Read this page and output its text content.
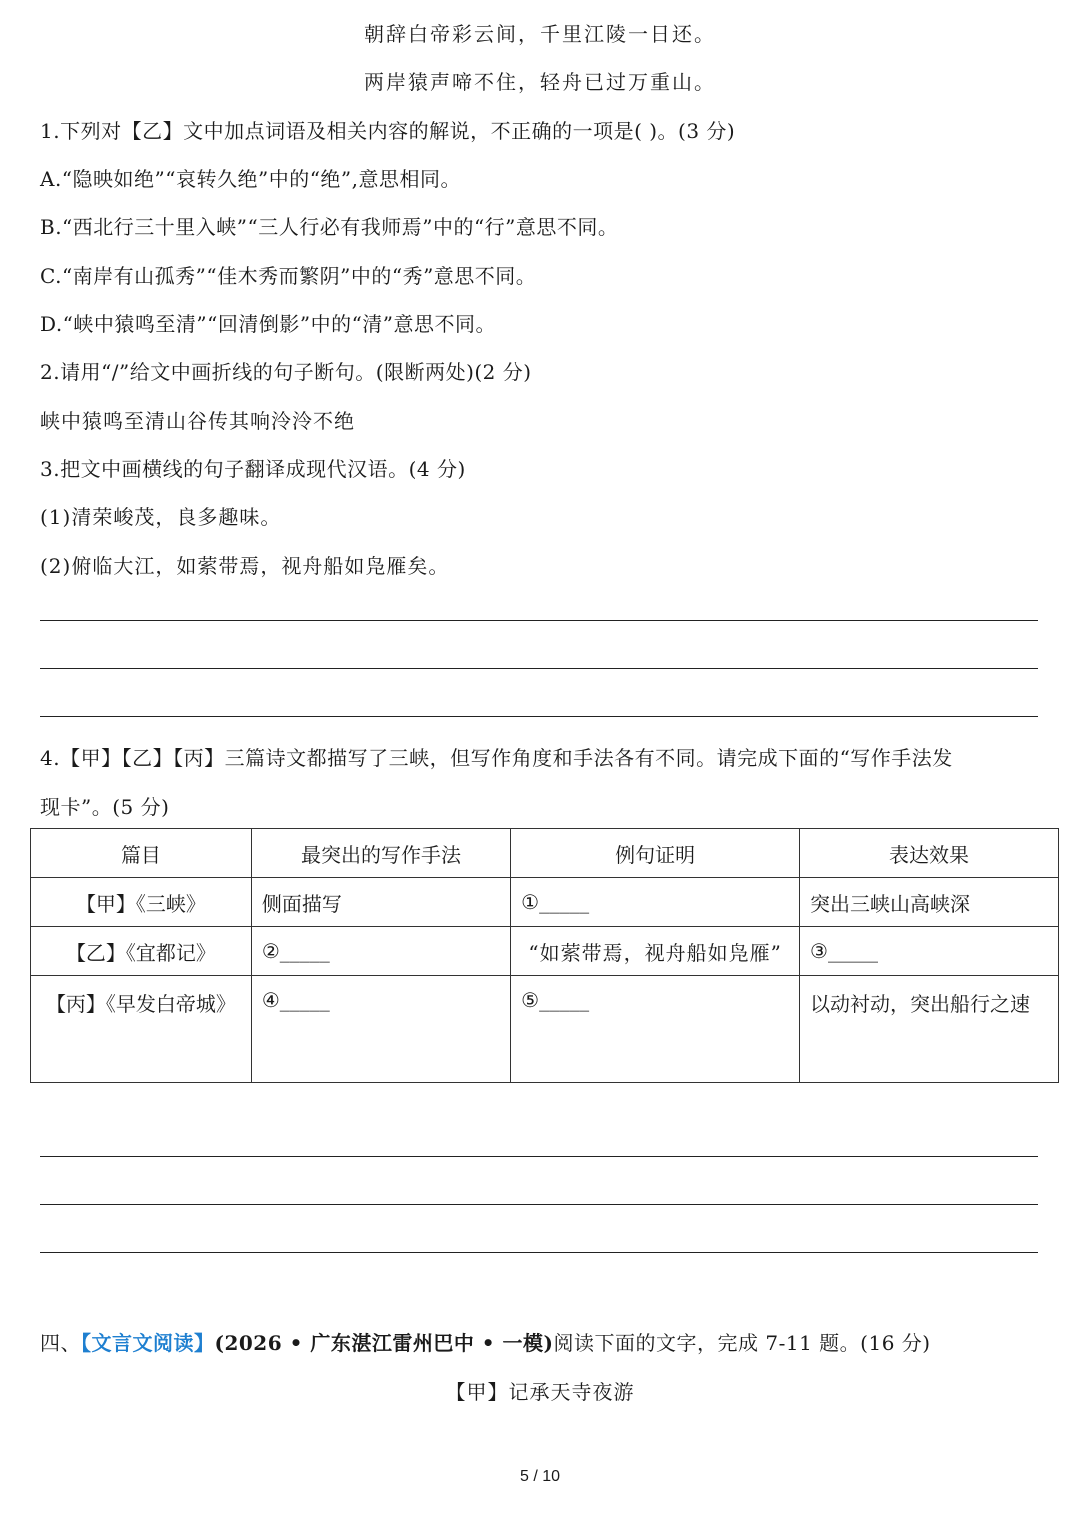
朝辞白帝彩云间，千里江陵一日还。
两岸猿声啼不住，轻舟已过万重山。
1.下列对【乙】文中加点词语及相关内容的解说，不正确的一项是( )。(3 分)
A.“隐映如绝”“哀转久绝”中的“绝”,意思相同。
B.“西北行三十里入峡”“三人行必有我师焉”中的“行”意思不同。
C.“南岸有山孤秀”“佳木秀而繁阴”中的“秀”意思不同。
D.“峡中猿鸣至清”“回清倒影”中的“清”意思不同。
2.请用“/”给文中画折线的句子断句。(限断两处)(2 分)
峡中猿鸣至清山谷传其响泠泠不绝
3.把文中画横线的句子翻译成现代汉语。(4 分)
(1)清荣峻茂，良多趣味。
(2)俯临大江，如萦带焉，视舟船如凫雁矣。
4.【甲】【乙】【丙】三篇诗文都描写了三峡，但写作角度和手法各有不同。请完成下面的“写作手法发
现卡”。(5 分)
篇目	最突出的写作手法	例句证明	表达效果
【甲】《三峡》	侧面描写	①_____	突出三峡山高峡深
【乙】《宜都记》	②_____	“如萦带焉，视舟船如凫雁”	③_____
【丙】《早发白帝城》	④_____	⑤_____	以动衬动，突出船行之速
四、【文言文阅读】(2026 • 广东湛江雷州巴中 • 一模)阅读下面的文字，完成 7-11 题。(16 分)
【甲】记承天寺夜游
5 / 10
